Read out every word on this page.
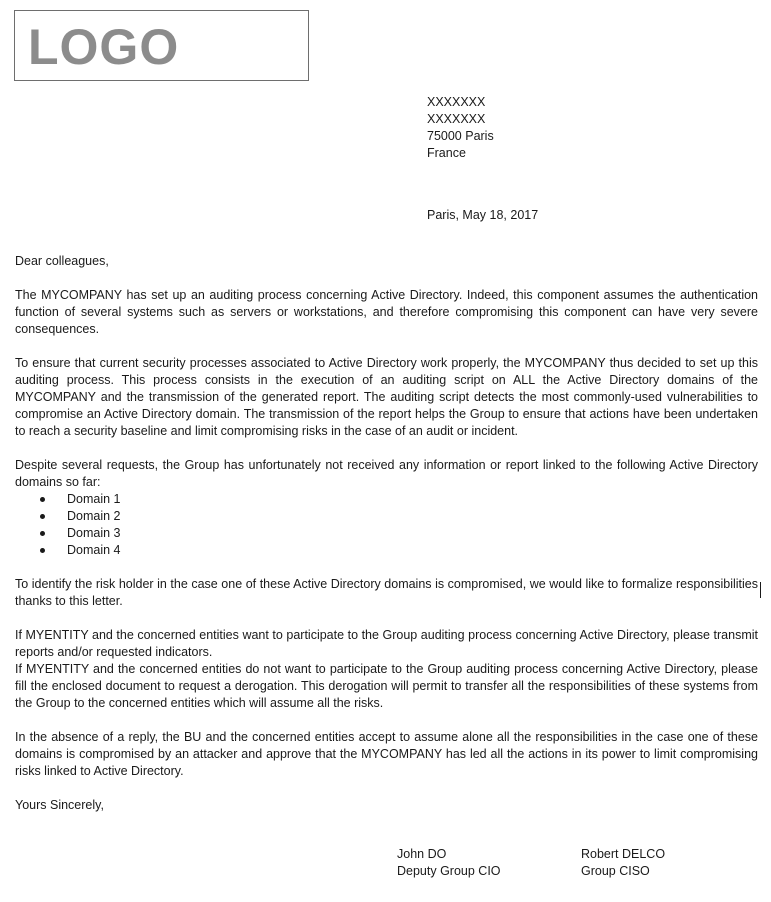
LOGO
XXXXXXX
XXXXXXX
75000 Paris
France
Paris, May 18, 2017

Dear colleagues,

The MYCOMPANY has set up an auditing process concerning Active Directory. Indeed, this component assumes the authentication function of several systems such as servers or workstations, and therefore compromising this component can have very severe consequences.

To ensure that current security processes associated to Active Directory work properly, the MYCOMPANY thus decided to set up this auditing process. This process consists in the execution of an auditing script on ALL the Active Directory domains of the MYCOMPANY and the transmission of the generated report. The auditing script detects the most commonly-used vulnerabilities to compromise an Active Directory domain. The transmission of the report helps the Group to ensure that actions have been undertaken to reach a security baseline and limit compromising risks in the case of an audit or incident.

Despite several requests, the Group has unfortunately not received any information or report linked to the following Active Directory domains so far:

Domain 1
Domain 2
Domain 3
Domain 4

To identify the risk holder in the case one of these Active Directory domains is compromised, we would like to formalize responsibilities thanks to this letter.

If MYENTITY and the concerned entities want to participate to the Group auditing process concerning Active Directory, please transmit reports and/or requested indicators.

If MYENTITY and the concerned entities do not want to participate to the Group auditing process concerning Active Directory, please fill the enclosed document to request a derogation. This derogation will permit to transfer all the responsibilities of these systems from the Group to the concerned entities which will assume all the risks.

In the absence of a reply, the BU and the concerned entities accept to assume alone all the responsibilities in the case one of these domains is compromised by an attacker and approve that the MYCOMPANY has led all the actions in its power to limit compromising risks linked to Active Directory.

Yours Sincerely,

John DO
Deputy Group CIO
Robert DELCO
Group CISO
